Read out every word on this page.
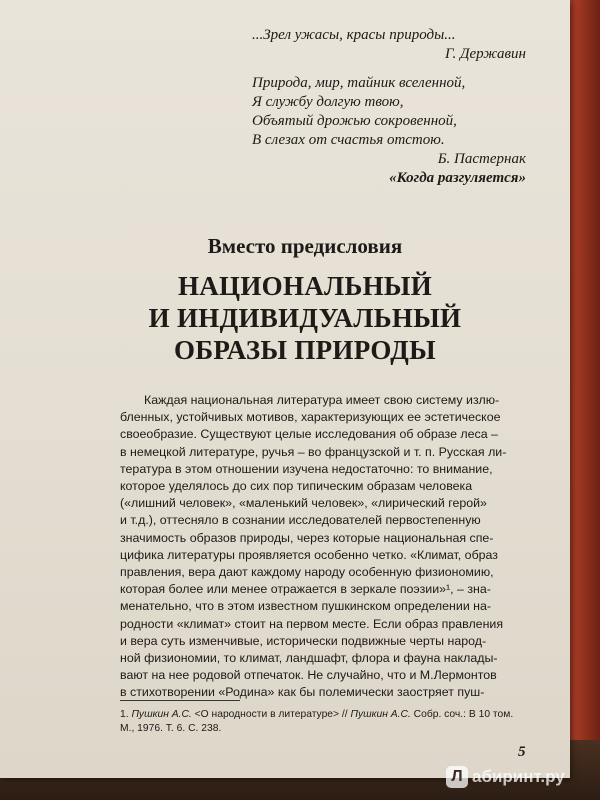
...Зрел ужасы, красы природы...
Г. Державин
Природа, мир, тайник вселенной,
Я службу долгую твою,
Объятый дрожью сокровенной,
В слезах от счастья отстою.
Б. Пастернак
«Когда разгуляется»
Вместо предисловия
НАЦИОНАЛЬНЫЙ
И ИНДИВИДУАЛЬНЫЙ
ОБРАЗЫ ПРИРОДЫ
Каждая национальная литература имеет свою систему излю-
бленных, устойчивых мотивов, характеризующих ее эстетическое
своеобразие. Существуют целые исследования об образе леса –
в немецкой литературе, ручья – во французской и т. п. Русская ли-
тература в этом отношении изучена недостаточно: то внимание,
которое уделялось до сих пор типическим образам человека
(«лишний человек», «маленький человек», «лирический герой»
и т.д.), оттесняло в сознании исследователей первостепенную
значимость образов природы, через которые национальная спе-
цифика литературы проявляется особенно четко. «Климат, образ
правления, вера дают каждому народу особенную физиономию,
которая более или менее отражается в зеркале поэзии»¹, – зна-
менательно, что в этом известном пушкинском определении на-
родности «климат» стоит на первом месте. Если образ правления
и вера суть изменчивые, исторически подвижные черты народ-
ной физиономии, то климат, ландшафт, флора и фауна наклады-
вают на нее родовой отпечаток. Не случайно, что и М.Лермонтов
в стихотворении «Родина» как бы полемически заостряет пуш-
1. Пушкин А.С. <О народности в литературе> // Пушкин А.С. Собр. соч.: В 10 том.
М., 1976. Т. 6. С. 238.
5
Л абиринт.ру
